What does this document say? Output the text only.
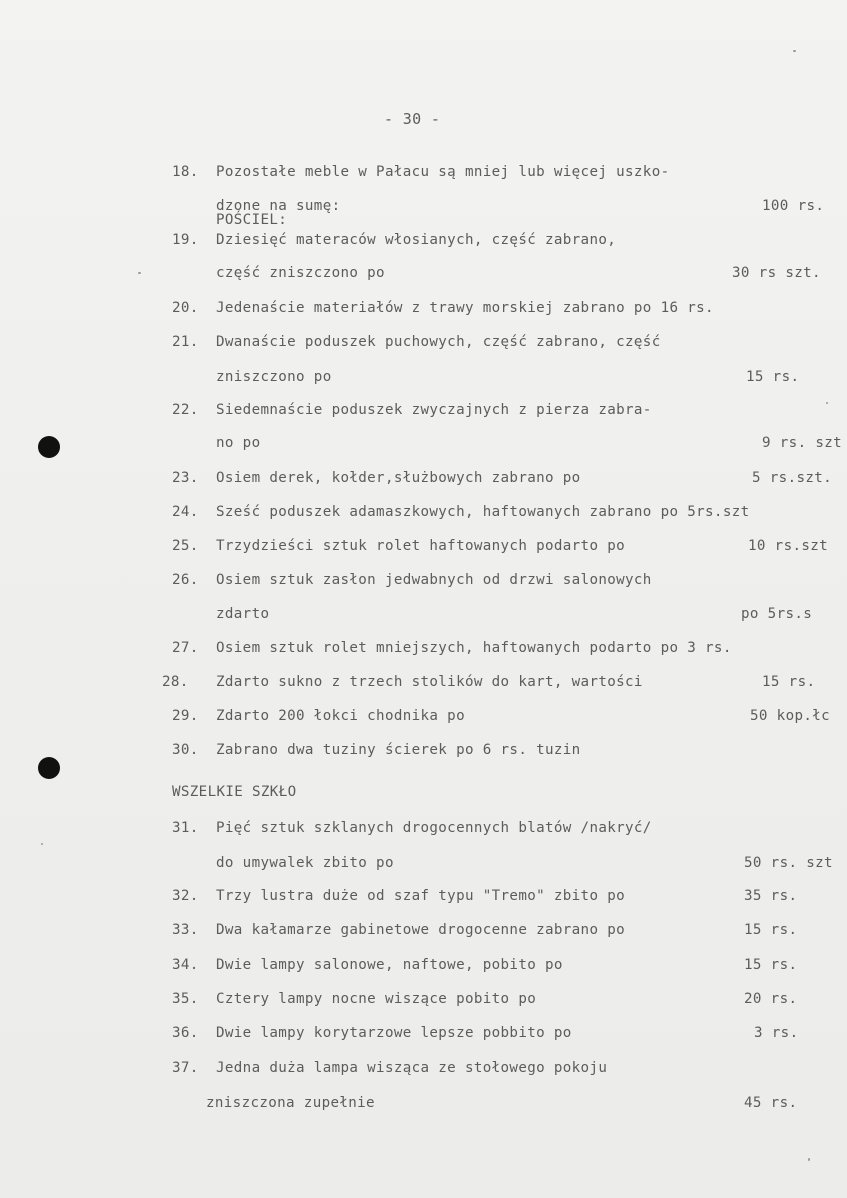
- 30 -
18. Pozostałe meble w Pałacu są mniej lub więcej uszko-
dzone na sumę:	100 rs.
POŚCIEL:
19. Dziesięć materaców włosianych, część zabrano,
część zniszczono po	30 rs szt.
20. Jedenaście materiałów z trawy morskiej zabrano po 16 rs.
21. Dwanaście poduszek puchowych, część zabrano, część
zniszczono po	15 rs.
22. Siedemnaście poduszek zwyczajnych z pierza zabra-
no po	9 rs. szt
23. Osiem derek, kołder,służbowych zabrano po	5 rs.szt.
24. Sześć poduszek adamaszkowych, haftowanych zabrano po 5rs.szt
25. Trzydzieści sztuk rolet haftowanych podarto po	10 rs.szt
26. Osiem sztuk zasłon jedwabnych od drzwi salonowych
zdarto	po 5rs.s
27. Osiem sztuk rolet mniejszych, haftowanych podarto po 3 rs.
28. Zdarto sukno z trzech stolików do kart, wartości	15 rs.
29. Zdarto 200 łokci chodnika po	50 kop.łc
30. Zabrano dwa tuziny ścierek po 6 rs. tuzin
WSZELKIE SZKŁO
31. Pięć sztuk szklanych drogocennych blatów /nakryć/
do umywalek zbito po	50 rs. szt
32. Trzy lustra duże od szaf typu "Tremo" zbito po	35 rs.
33. Dwa kałamarze gabinetowe drogocenne zabrano po	15 rs.
34. Dwie lampy salonowe, naftowe, pobito po	15 rs.
35. Cztery lampy nocne wiszące pobito po	20 rs.
36. Dwie lampy korytarzowe lepsze pobbito po	3 rs.
37. Jedna duża lampa wisząca ze stołowego pokoju
zniszczona zupełnie	45 rs.
